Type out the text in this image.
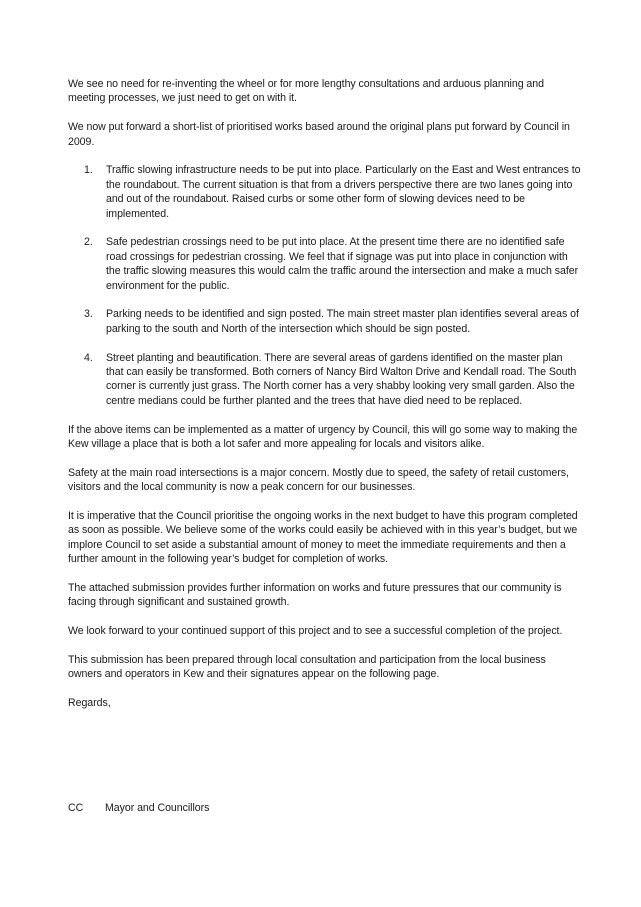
We see no need for re-inventing the wheel or for more lengthy consultations and arduous planning and meeting processes, we just need to get on with it.

We now put forward a short-list of prioritised works based around the original plans put forward by Council in 2009.

1. Traffic slowing infrastructure needs to be put into place. Particularly on the East and West entrances to the roundabout. The current situation is that from a drivers perspective there are two lanes going into and out of the roundabout. Raised curbs or some other form of slowing devices need to be implemented.
2. Safe pedestrian crossings need to be put into place. At the present time there are no identified safe road crossings for pedestrian crossing. We feel that if signage was put into place in conjunction with the traffic slowing measures this would calm the traffic around the intersection and make a much safer environment for the public.
3. Parking needs to be identified and sign posted. The main street master plan identifies several areas of parking to the south and North of the intersection which should be sign posted.
4. Street planting and beautification. There are several areas of gardens identified on the master plan that can easily be transformed. Both corners of Nancy Bird Walton Drive and Kendall road. The South corner is currently just grass. The North corner has a very shabby looking very small garden. Also the centre medians could be further planted and the trees that have died need to be replaced.

If the above items can be implemented as a matter of urgency by Council, this will go some way to making the Kew village a place that is both a lot safer and more appealing for locals and visitors alike.

Safety at the main road intersections is a major concern. Mostly due to speed, the safety of retail customers, visitors and the local community is now a peak concern for our businesses.

It is imperative that the Council prioritise the ongoing works in the next budget to have this program completed as soon as possible. We believe some of the works could easily be achieved with in this year’s budget, but we implore Council to set aside a substantial amount of money to meet the immediate requirements and then a further amount in the following year’s budget for completion of works.

The attached submission provides further information on works and future pressures that our community is facing through significant and sustained growth.

We look forward to your continued support of this project and to see a successful completion of the project.

This submission has been prepared through local consultation and participation from the local business owners and operators in Kew and their signatures appear on the following page.

Regards,

CC Mayor and Councillors
